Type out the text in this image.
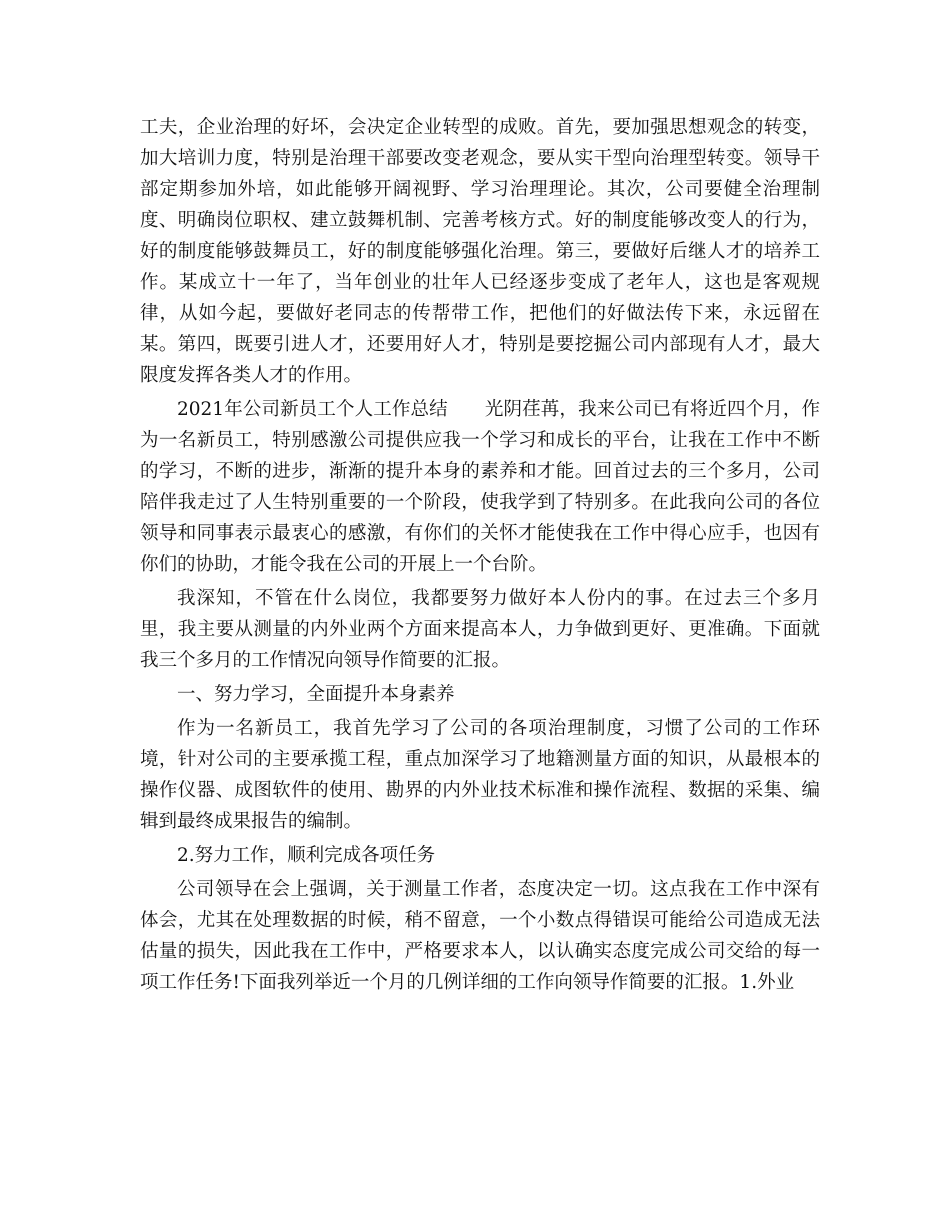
工夫，企业治理的好坏，会决定企业转型的成败。首先，要加强思想观念的转变，加大培训力度，特别是治理干部要改变老观念，要从实干型向治理型转变。领导干部定期参加外培，如此能够开阔视野、学习治理理论。其次，公司要健全治理制度、明确岗位职权、建立鼓舞机制、完善考核方式。好的制度能够改变人的行为，好的制度能够鼓舞员工，好的制度能够强化治理。第三，要做好后继人才的培养工作。某成立十一年了，当年创业的壮年人已经逐步变成了老年人，这也是客观规律，从如今起，要做好老同志的传帮带工作，把他们的好做法传下来，永远留在某。第四，既要引进人才，还要用好人才，特别是要挖掘公司内部现有人才，最大限度发挥各类人才的作用。

2021年公司新员工个人工作总结 光阴荏苒，我来公司已有将近四个月，作为一名新员工，特别感激公司提供应我一个学习和成长的平台，让我在工作中不断的学习，不断的进步，渐渐的提升本身的素养和才能。回首过去的三个多月，公司陪伴我走过了人生特别重要的一个阶段，使我学到了特别多。在此我向公司的各位领导和同事表示最衷心的感激，有你们的关怀才能使我在工作中得心应手，也因有你们的协助，才能令我在公司的开展上一个台阶。

我深知，不管在什么岗位，我都要努力做好本人份内的事。在过去三个多月里，我主要从测量的内外业两个方面来提高本人，力争做到更好、更准确。下面就我三个多月的工作情况向领导作简要的汇报。

一、努力学习，全面提升本身素养

作为一名新员工，我首先学习了公司的各项治理制度，习惯了公司的工作环境，针对公司的主要承揽工程，重点加深学习了地籍测量方面的知识，从最根本的操作仪器、成图软件的使用、勘界的内外业技术标准和操作流程、数据的采集、编辑到最终成果报告的编制。

2.努力工作，顺利完成各项任务

公司领导在会上强调，关于测量工作者，态度决定一切。这点我在工作中深有体会，尤其在处理数据的时候，稍不留意，一个小数点得错误可能给公司造成无法估量的损失，因此我在工作中，严格要求本人，以认确实态度完成公司交给的每一项工作任务!下面我列举近一个月的几例详细的工作向领导作简要的汇报。1.外业
